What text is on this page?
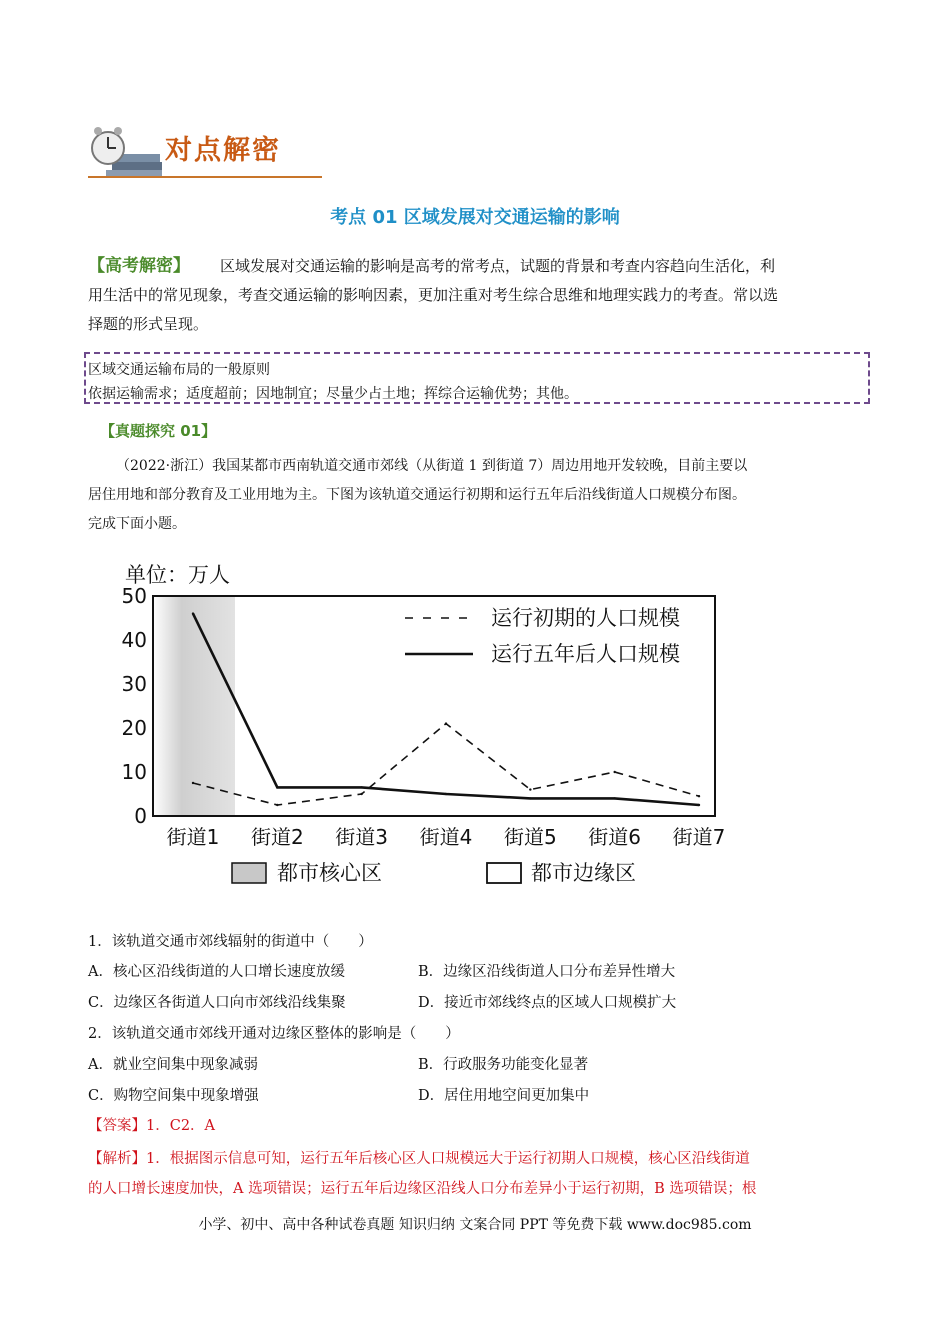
对点解密
考点 01 区域发展对交通运输的影响
【高考解密】 区域发展对交通运输的影响是高考的常考点，试题的背景和考查内容趋向生活化，利
用生活中的常见现象，考查交通运输的影响因素，更加注重对考生综合思维和地理实践力的考查。常以选
择题的形式呈现。
区域交通运输布局的一般原则
依据运输需求；适度超前；因地制宜；尽量少占土地；挥综合运输优势；其他。
【真题探究 01】
（2022·浙江）我国某都市西南轨道交通市郊线（从街道 1 到街道 7）周边用地开发较晚，目前主要以
居住用地和部分教育及工业用地为主。下图为该轨道交通运行初期和运行五年后沿线街道人口规模分布图。
完成下面小题。
单位：万人
0
10
20
30
40
50
街道1 街道2 街道3 街道4 街道5 街道6 街道7
运行初期的人口规模
运行五年后人口规模
都市核心区	都市边缘区
1．该轨道交通市郊线辐射的街道中（　　）
A．核心区沿线街道的人口增长速度放缓	B．边缘区沿线街道人口分布差异性增大
C．边缘区各街道人口向市郊线沿线集聚	D．接近市郊线终点的区域人口规模扩大
2．该轨道交通市郊线开通对边缘区整体的影响是（　　）
A．就业空间集中现象减弱	B．行政服务功能变化显著
C．购物空间集中现象增强	D．居住用地空间更加集中
【答案】1．C2．A
【解析】1．根据图示信息可知，运行五年后核心区人口规模远大于运行初期人口规模，核心区沿线街道
的人口增长速度加快，A 选项错误；运行五年后边缘区沿线人口分布差异小于运行初期，B 选项错误；根
小学、初中、高中各种试卷真题 知识归纳 文案合同 PPT 等免费下载 www.doc985.com
